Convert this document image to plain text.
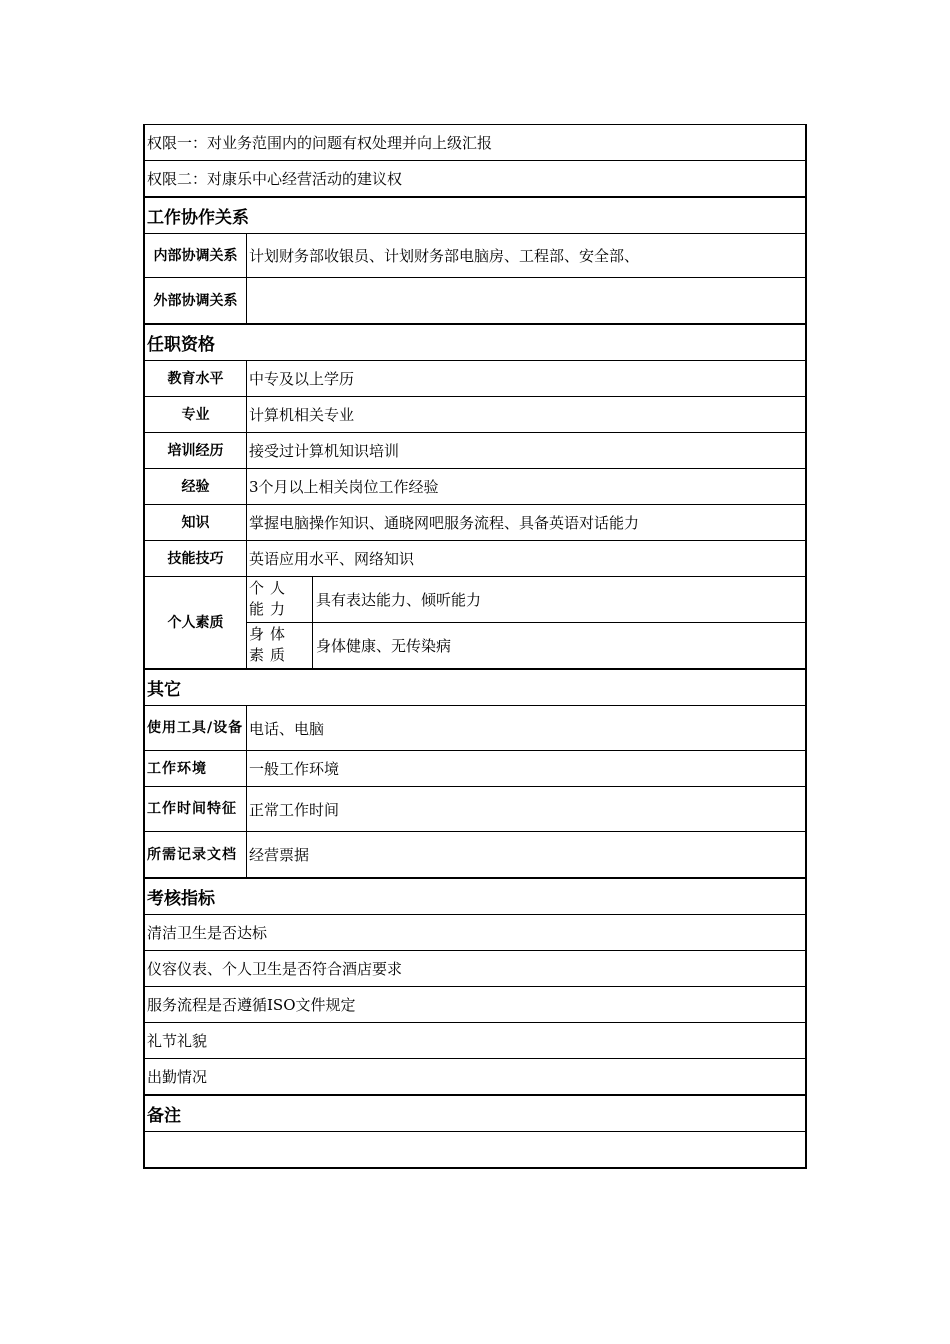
权限一：对业务范围内的问题有权处理并向上级汇报
权限二：对康乐中心经营活动的建议权
工作协作关系
内部协调关系 计划财务部收银员、计划财务部电脑房、工程部、安全部、
外部协调关系
任职资格
教育水平	中专及以上学历
专业	计算机相关专业
培训经历	接受过计算机知识培训
经验	3个月以上相关岗位工作经验
知识	掌握电脑操作知识、通晓网吧服务流程、具备英语对话能力
技能技巧	英语应用水平、网络知识
个人素质
个人能力	具有表达能力、倾听能力
身体素质	身体健康、无传染病
其它
使用工具/设备 电话、电脑
工作环境	一般工作环境
工作时间特征 正常工作时间
所需记录文档 经营票据
考核指标
清洁卫生是否达标
仪容仪表、个人卫生是否符合酒店要求
服务流程是否遵循ISO文件规定
礼节礼貌
出勤情况
备注
